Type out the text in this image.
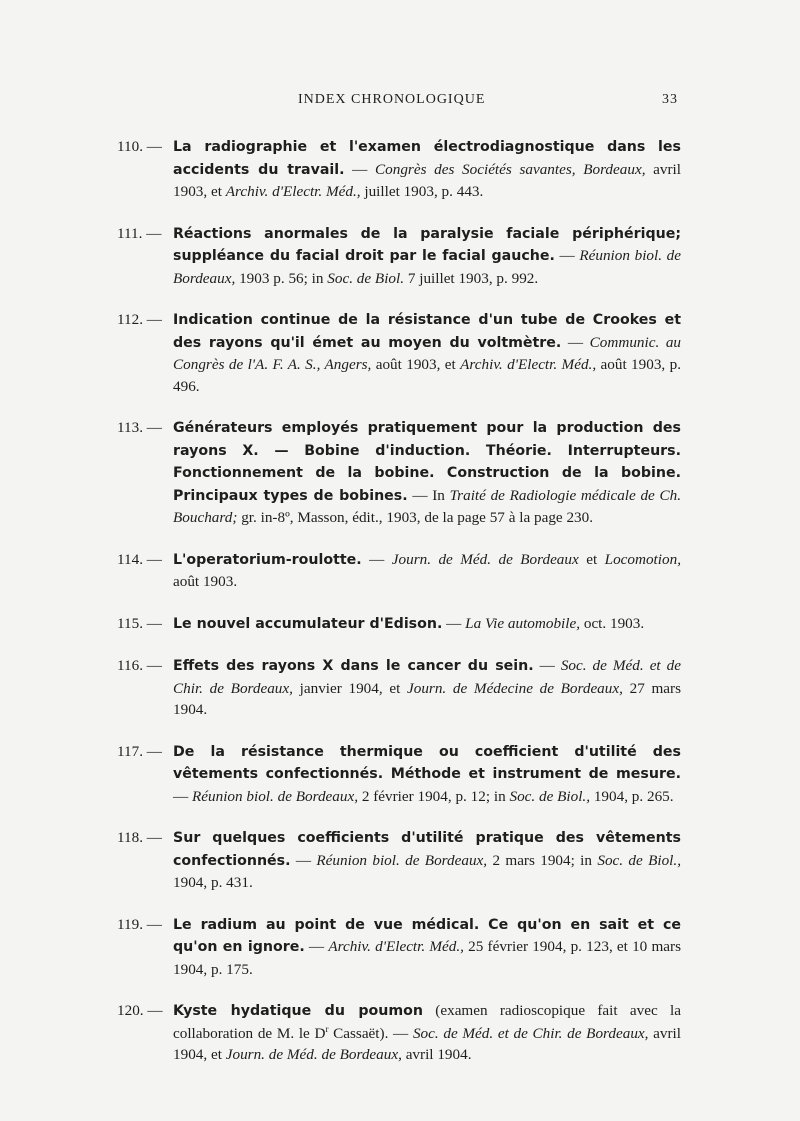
INDEX CHRONOLOGIQUE	33
110. — La radiographie et l'examen électrodiagnostique dans les accidents du travail. — Congrès des Sociétés savantes, Bordeaux, avril 1903, et Archiv. d'Electr. Méd., juillet 1903, p. 443.
111. — Réactions anormales de la paralysie faciale périphérique; suppléance du facial droit par le facial gauche. — Réunion biol. de Bordeaux, 1903 p. 56; in Soc. de Biol. 7 juillet 1903, p. 992.
112. — Indication continue de la résistance d'un tube de Crookes et des rayons qu'il émet au moyen du voltmètre. — Communic. au Congrès de l'A. F. A. S., Angers, août 1903, et Archiv. d'Electr. Méd., août 1903, p. 496.
113. — Générateurs employés pratiquement pour la production des rayons X. — Bobine d'induction. Théorie. Interrupteurs. Fonctionnement de la bobine. Construction de la bobine. Principaux types de bobines. — In Traité de Radiologie médicale de Ch. Bouchard; gr. in-8º, Masson, édit., 1903, de la page 57 à la page 230.
114. — L'operatorium-roulotte. — Journ. de Méd. de Bordeaux et Locomotion, août 1903.
115. — Le nouvel accumulateur d'Edison. — La Vie automobile, oct. 1903.
116. — Effets des rayons X dans le cancer du sein. — Soc. de Méd. et de Chir. de Bordeaux, janvier 1904, et Journ. de Médecine de Bordeaux, 27 mars 1904.
117. — De la résistance thermique ou coefficient d'utilité des vêtements confectionnés. Méthode et instrument de mesure. — Réunion biol. de Bordeaux, 2 février 1904, p. 12; in Soc. de Biol., 1904, p. 265.
118. — Sur quelques coefficients d'utilité pratique des vêtements confectionnés. — Réunion biol. de Bordeaux, 2 mars 1904; in Soc. de Biol., 1904, p. 431.
119. — Le radium au point de vue médical. Ce qu'on en sait et ce qu'on en ignore. — Archiv. d'Electr. Méd., 25 février 1904, p. 123, et 10 mars 1904, p. 175.
120. — Kyste hydatique du poumon (examen radioscopique fait avec la collaboration de M. le $D^r$ Cassaët). — Soc. de Méd. et de Chir. de Bordeaux, avril 1904, et Journ. de Méd. de Bordeaux, avril 1904.
